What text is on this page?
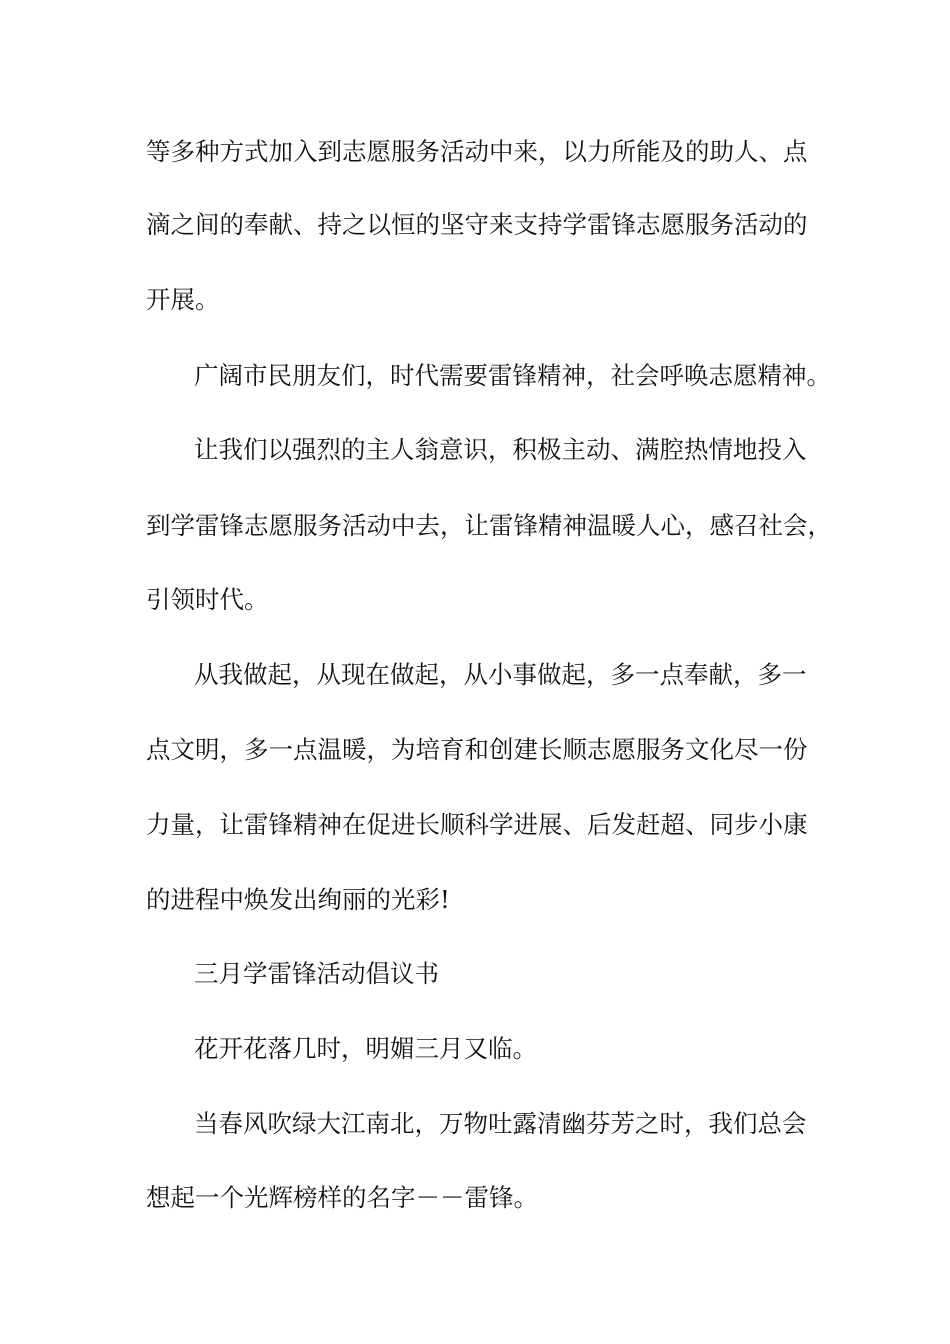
等多种方式加入到志愿服务活动中来，以力所能及的助人、点

滴之间的奉献、持之以恒的坚守来支持学雷锋志愿服务活动的

开展。

广阔市民朋友们，时代需要雷锋精神，社会呼唤志愿精神。

让我们以强烈的主人翁意识，积极主动、满腔热情地投入

到学雷锋志愿服务活动中去，让雷锋精神温暖人心，感召社会，

引领时代。

从我做起，从现在做起，从小事做起，多一点奉献，多一

点文明，多一点温暖，为培育和创建长顺志愿服务文化尽一份

力量，让雷锋精神在促进长顺科学进展、后发赶超、同步小康

的进程中焕发出绚丽的光彩!

三月学雷锋活动倡议书

花开花落几时，明媚三月又临。

当春风吹绿大江南北，万物吐露清幽芬芳之时，我们总会

想起一个光辉榜样的名字－－雷锋。
